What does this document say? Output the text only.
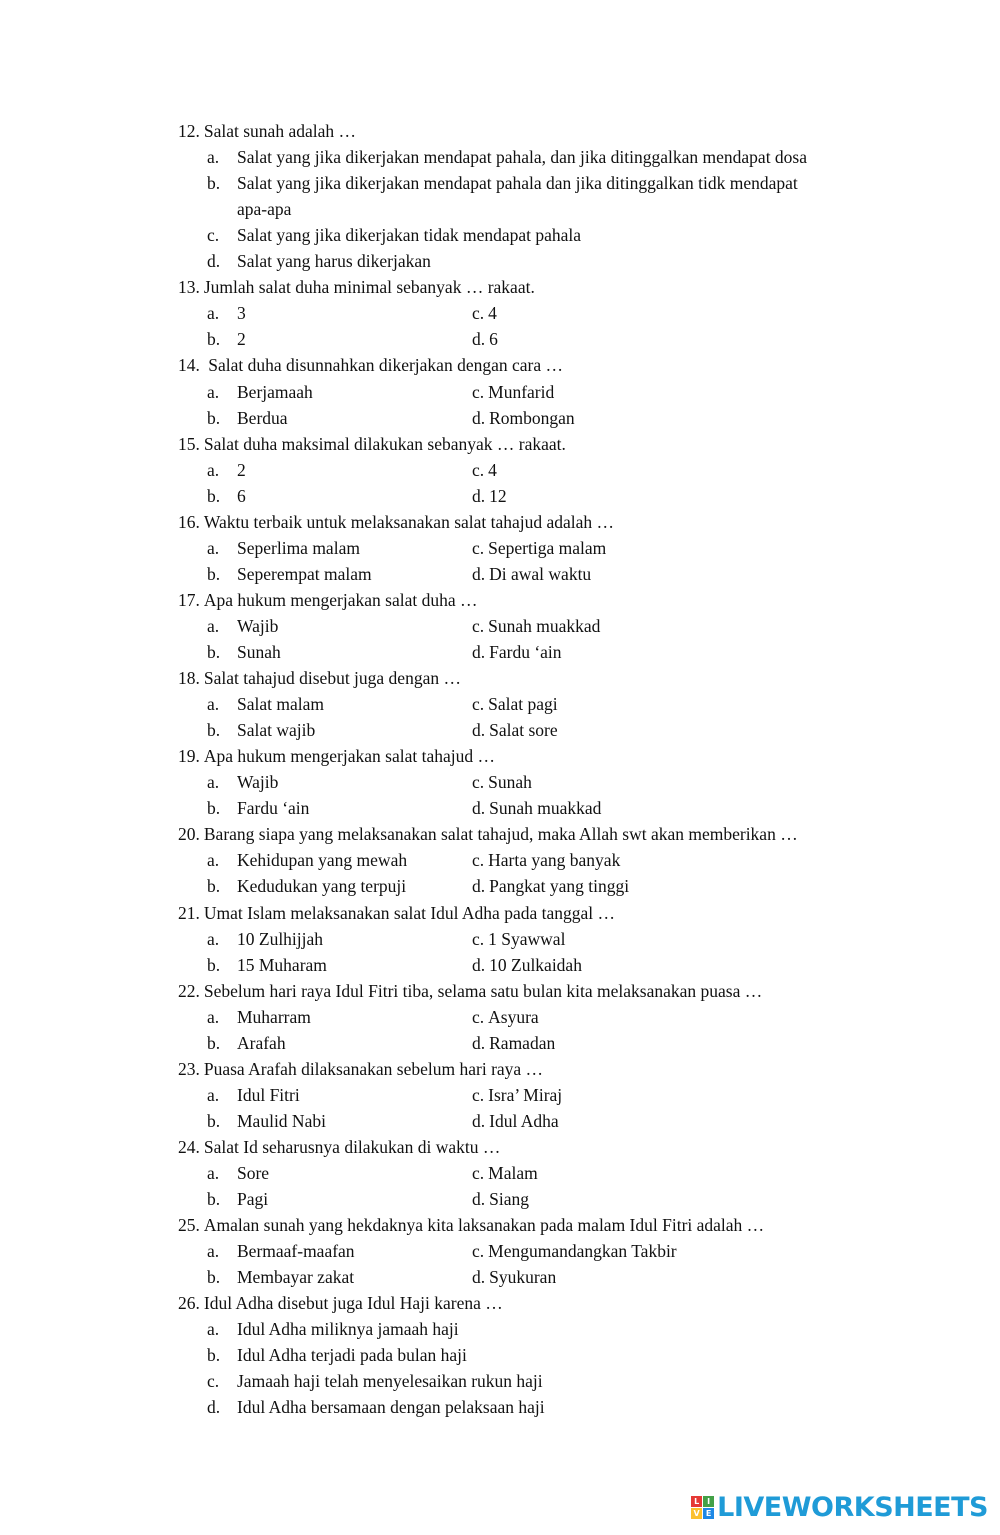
12. Salat sunah adalah …
a. Salat yang jika dikerjakan mendapat pahala, dan jika ditinggalkan mendapat dosa
b. Salat yang jika dikerjakan mendapat pahala dan jika ditinggalkan tidk mendapat
apa-apa
c. Salat yang jika dikerjakan tidak mendapat pahala
d. Salat yang harus dikerjakan
13. Jumlah salat duha minimal sebanyak … rakaat.
a. 3	c. 4
b. 2	d. 6
14. Salat duha disunnahkan dikerjakan dengan cara …
a. Berjamaah	c. Munfarid
b. Berdua	d. Rombongan
15. Salat duha maksimal dilakukan sebanyak … rakaat.
a. 2	c. 4
b. 6	d. 12
16. Waktu terbaik untuk melaksanakan salat tahajud adalah …
a. Seperlima malam	c. Sepertiga malam
b. Seperempat malam	d. Di awal waktu
17. Apa hukum mengerjakan salat duha …
a. Wajib	c. Sunah muakkad
b. Sunah	d. Fardu ‘ain
18. Salat tahajud disebut juga dengan …
a. Salat malam	c. Salat pagi
b. Salat wajib	d. Salat sore
19. Apa hukum mengerjakan salat tahajud …
a. Wajib	c. Sunah
b. Fardu ‘ain	d. Sunah muakkad
20. Barang siapa yang melaksanakan salat tahajud, maka Allah swt akan memberikan …
a. Kehidupan yang mewah	c. Harta yang banyak
b. Kedudukan yang terpuji	d. Pangkat yang tinggi
21. Umat Islam melaksanakan salat Idul Adha pada tanggal …
a. 10 Zulhijjah	c. 1 Syawwal
b. 15 Muharam	d. 10 Zulkaidah
22. Sebelum hari raya Idul Fitri tiba, selama satu bulan kita melaksanakan puasa …
a. Muharram	c. Asyura
b. Arafah	d. Ramadan
23. Puasa Arafah dilaksanakan sebelum hari raya …
a. Idul Fitri	c. Isra’ Miraj
b. Maulid Nabi	d. Idul Adha
24. Salat Id seharusnya dilakukan di waktu …
a. Sore	c. Malam
b. Pagi	d. Siang
25. Amalan sunah yang hekdaknya kita laksanakan pada malam Idul Fitri adalah …
a. Bermaaf-maafan	c. Mengumandangkan Takbir
b. Membayar zakat	d. Syukuran
26. Idul Adha disebut juga Idul Haji karena …
a. Idul Adha miliknya jamaah haji
b. Idul Adha terjadi pada bulan haji
c. Jamaah haji telah menyelesaikan rukun haji
d. Idul Adha bersamaan dengan pelaksaan haji
L I
V E LIVEWORKSHEETS
